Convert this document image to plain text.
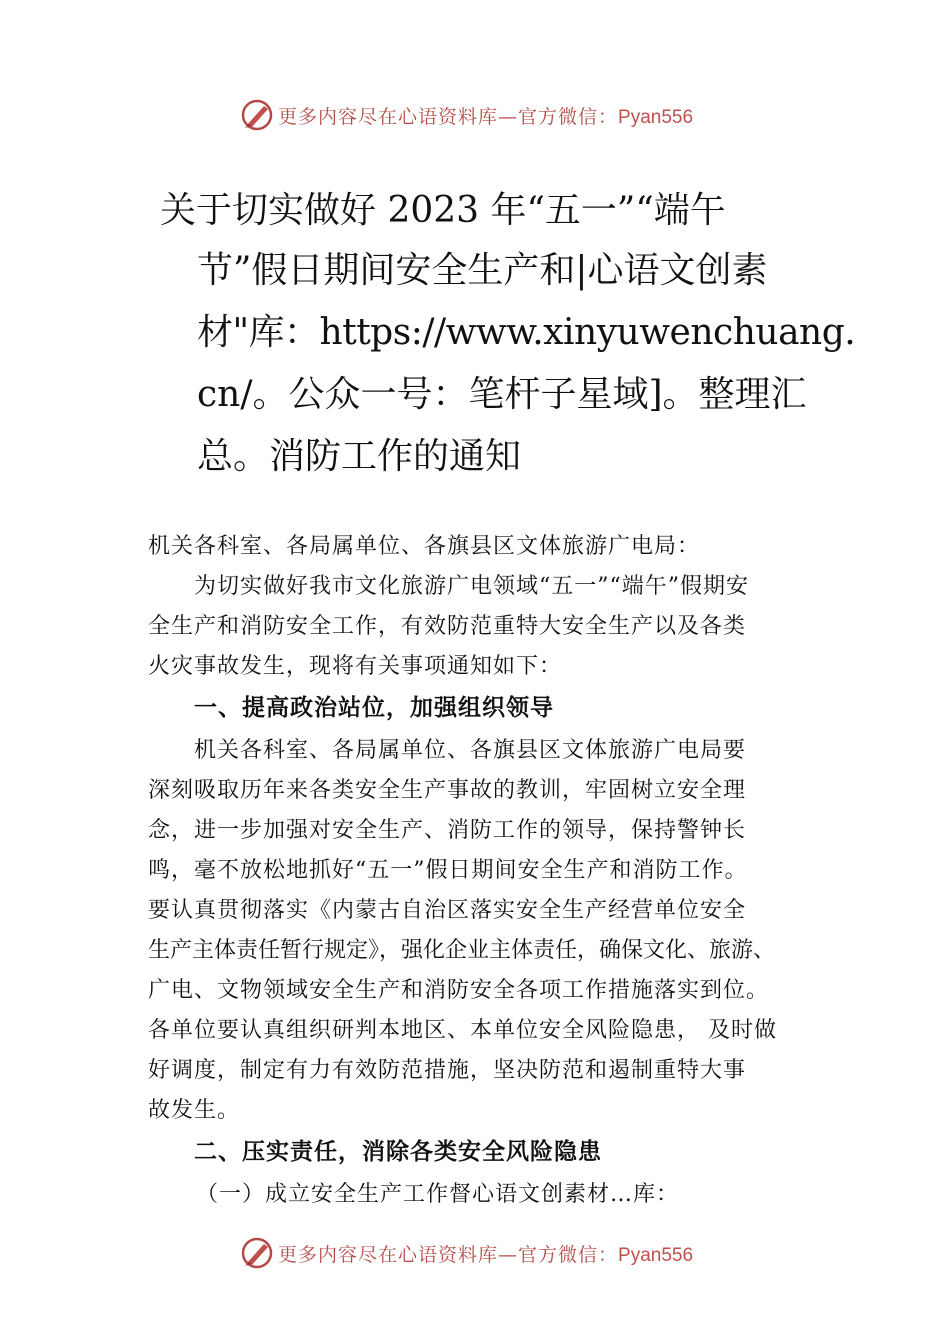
更多内容尽在心语资料库—官方微信：Pyan556
关于切实做好 2023 年“五一”“端午
节”假日期间安全生产和|心语文创素
材"库：https://www.xinyuwenchuang.
cn/。公众一号：笔杆子星域]。整理汇
总。消防工作的通知
机关各科室、各局属单位、各旗县区文体旅游广电局：
为切实做好我市文化旅游广电领域“五一”“端午”假期安
全生产和消防安全工作，有效防范重特大安全生产以及各类
火灾事故发生，现将有关事项通知如下：
一、提高政治站位，加强组织领导
机关各科室、各局属单位、各旗县区文体旅游广电局要
深刻吸取历年来各类安全生产事故的教训，牢固树立安全理
念，进一步加强对安全生产、消防工作的领导，保持警钟长
鸣，毫不放松地抓好“五一”假日期间安全生产和消防工作。
要认真贯彻落实《内蒙古自治区落实安全生产经营单位安全
生产主体责任暂行规定》，强化企业主体责任，确保文化、旅游、
广电、文物领域安全生产和消防安全各项工作措施落实到位。
各单位要认真组织研判本地区、本单位安全风险隐患， 及时做
好调度，制定有力有效防范措施，坚决防范和遏制重特大事
故发生。
二、压实责任，消除各类安全风险隐患
（一）成立安全生产工作督心语文创素材…库：
更多内容尽在心语资料库—官方微信：Pyan556
